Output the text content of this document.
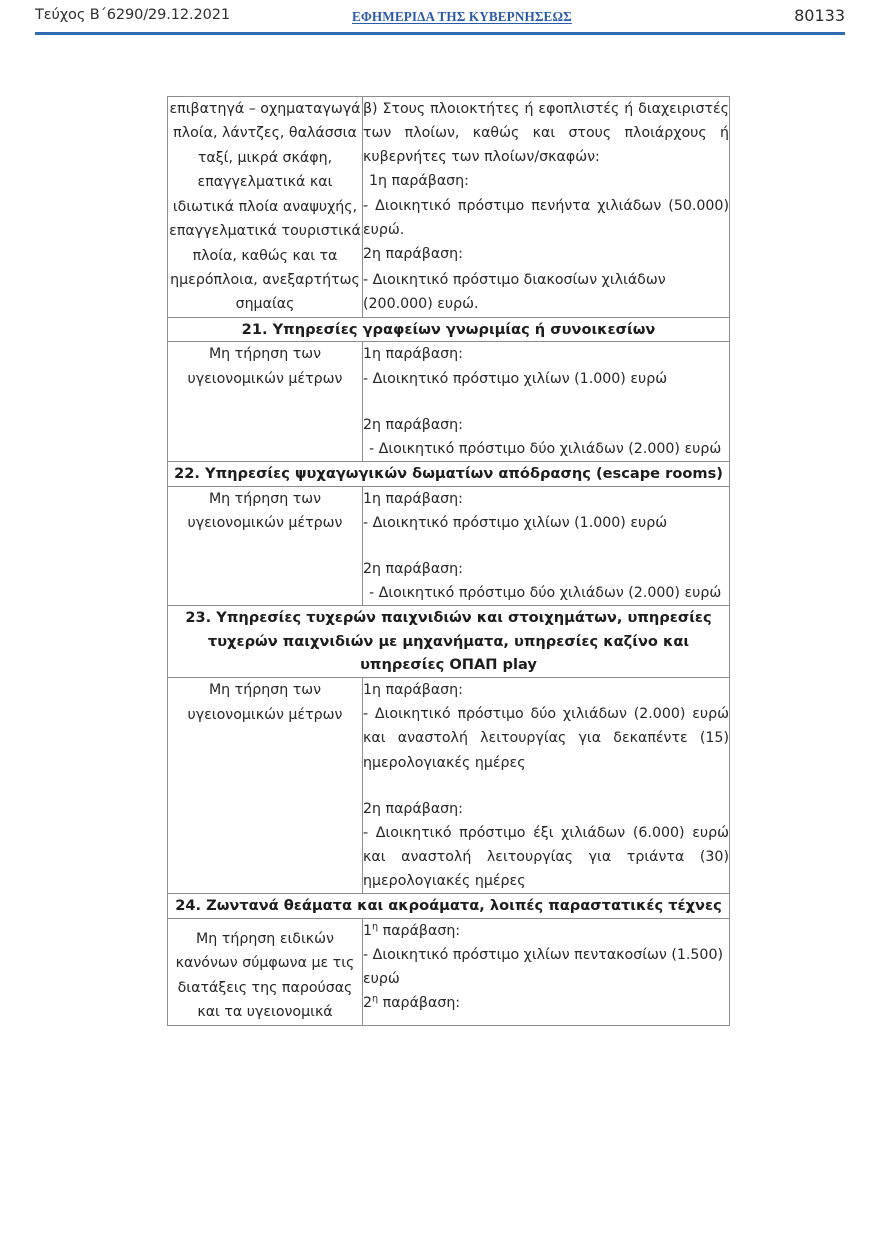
Τεύχος Β΄6290/29.12.2021	ΕΦΗΜΕΡΙΔΑ ΤΗΣ ΚΥΒΕΡΝΗΣΕΩΣ	80133
επιβατηγά – οχηματαγωγά πλοία, λάντζες, θαλάσσια ταξί, μικρά σκάφη, επαγγελματικά και ιδιωτικά πλοία αναψυχής, επαγγελματικά τουριστικά πλοία, καθώς και τα ημερόπλοια, ανεξαρτήτως σημαίας	β) Στους πλοιοκτήτες ή εφοπλιστές ή διαχειριστές των πλοίων, καθώς και στους πλοιάρχους ή κυβερνήτες των πλοίων/σκαφών:

1η παράβαση:

- Διοικητικό πρόστιμο πενήντα χιλιάδων (50.000) ευρώ.

2η παράβαση:

- Διοικητικό πρόστιμο διακοσίων χιλιάδων (200.000) ευρώ.

21. Υπηρεσίες γραφείων γνωριμίας ή συνοικεσίων	
Μη τήρηση των υγειονομικών μέτρων	1η παράβαση:

- Διοικητικό πρόστιμο χιλίων (1.000) ευρώ

2η παράβαση:

- Διοικητικό πρόστιμο δύο χιλιάδων (2.000) ευρώ

22. Υπηρεσίες ψυχαγωγικών δωματίων απόδρασης (escape rooms)	
Μη τήρηση των υγειονομικών μέτρων	1η παράβαση:

- Διοικητικό πρόστιμο χιλίων (1.000) ευρώ

2η παράβαση:

- Διοικητικό πρόστιμο δύο χιλιάδων (2.000) ευρώ

23. Υπηρεσίες τυχερών παιχνιδιών και στοιχημάτων, υπηρεσίες τυχερών παιχνιδιών με μηχανήματα, υπηρεσίες καζίνο και υπηρεσίες ΟΠΑΠ play	
Μη τήρηση των υγειονομικών μέτρων	1η παράβαση:

- Διοικητικό πρόστιμο δύο χιλιάδων (2.000) ευρώ και αναστολή λειτουργίας για δεκαπέντε (15) ημερολογιακές ημέρες

2η παράβαση:

- Διοικητικό πρόστιμο έξι χιλιάδων (6.000) ευρώ και αναστολή λειτουργίας για τριάντα (30) ημερολογιακές ημέρες

24. Ζωντανά θεάματα και ακροάματα, λοιπές παραστατικές τέχνες	
Μη τήρηση ειδικών κανόνων σύμφωνα με τις διατάξεις της παρούσας και τα υγειονομικά	$1^\eta$ παράβαση:

- Διοικητικό πρόστιμο χιλίων πεντακοσίων (1.500) ευρώ

$2^\eta$ παράβαση:
